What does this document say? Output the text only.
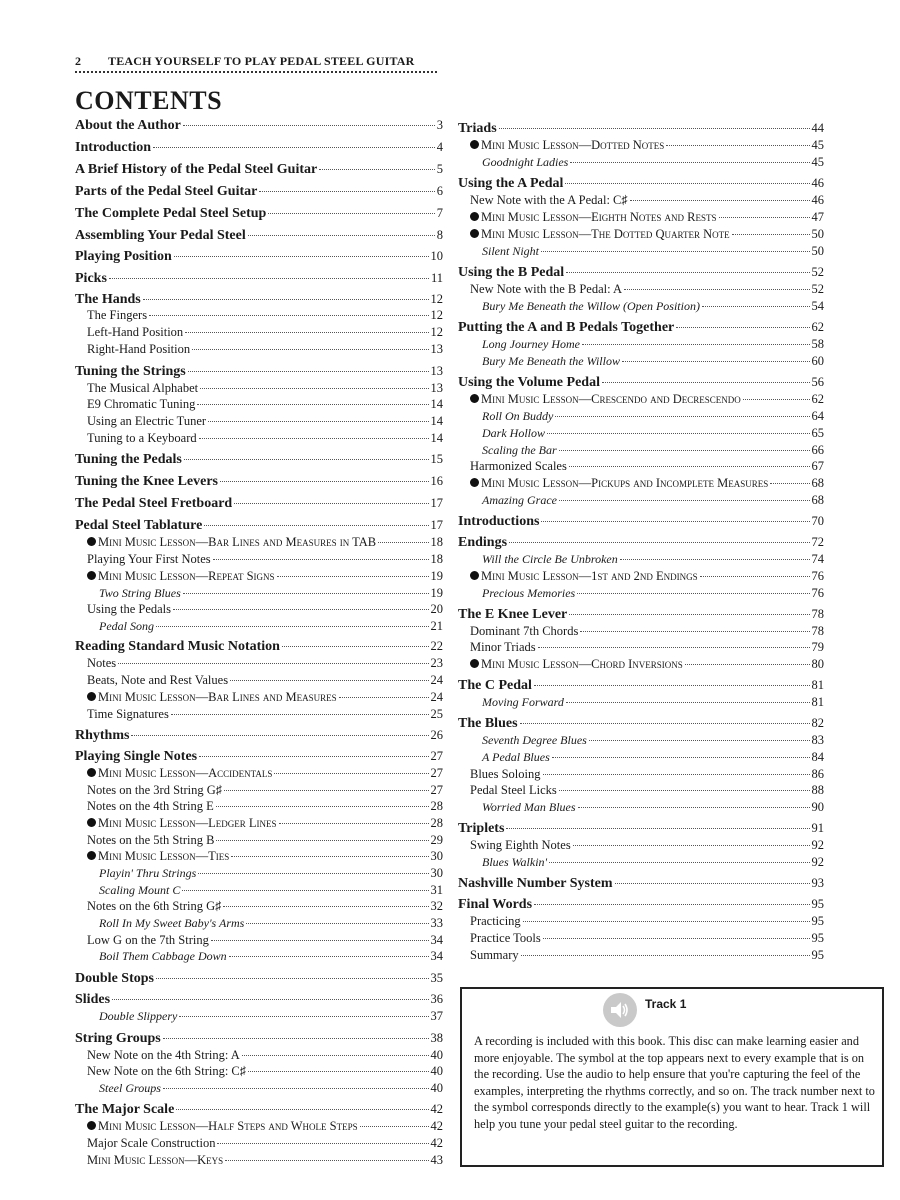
2 TEACH YOURSELF TO PLAY PEDAL STEEL GUITAR
CONTENTS
About the Author	3
Introduction	4
A Brief History of the Pedal Steel Guitar	5
Parts of the Pedal Steel Guitar	6
The Complete Pedal Steel Setup	7
Assembling Your Pedal Steel	8
Playing Position	10
Picks	11
The Hands	12
The Fingers	12
Left-Hand Position	12
Right-Hand Position	13
Tuning the Strings	13
The Musical Alphabet	13
E9 Chromatic Tuning	14
Using an Electric Tuner	14
Tuning to a Keyboard	14
Tuning the Pedals	15
Tuning the Knee Levers	16
The Pedal Steel Fretboard	17
Pedal Steel Tablature	17
Mini Music Lesson—Bar Lines and Measures in TAB	18
Playing Your First Notes	18
Mini Music Lesson—Repeat Signs	19
Two String Blues	19
Using the Pedals	20
Pedal Song	21
Reading Standard Music Notation	22
Notes	23
Beats, Note and Rest Values	24
Mini Music Lesson—Bar Lines and Measures	24
Time Signatures	25
Rhythms	26
Playing Single Notes	27
Mini Music Lesson—Accidentals	27
Notes on the 3rd String G♯	27
Notes on the 4th String E	28
Mini Music Lesson—Ledger Lines	28
Notes on the 5th String B	29
Mini Music Lesson—Ties	30
Playin' Thru Strings	30
Scaling Mount C	31
Notes on the 6th String G♯	32
Roll In My Sweet Baby's Arms	33
Low G on the 7th String	34
Boil Them Cabbage Down	34
Double Stops	35
Slides	36
Double Slippery	37
String Groups	38
New Note on the 4th String: A	40
New Note on the 6th String: C♯	40
Steel Groups	40
The Major Scale	42
Mini Music Lesson—Half Steps and Whole Steps	42
Major Scale Construction	42
Mini Music Lesson—Keys	43
Triads	44
Mini Music Lesson—Dotted Notes	45
Goodnight Ladies	45
Using the A Pedal	46
New Note with the A Pedal: C♯	46
Mini Music Lesson—Eighth Notes and Rests	47
Mini Music Lesson—The Dotted Quarter Note	50
Silent Night	50
Using the B Pedal	52
New Note with the B Pedal: A	52
Bury Me Beneath the Willow (Open Position)	54
Putting the A and B Pedals Together	62
Long Journey Home	58
Bury Me Beneath the Willow	60
Using the Volume Pedal	56
Mini Music Lesson—Crescendo and Decrescendo	62
Roll On Buddy	64
Dark Hollow	65
Scaling the Bar	66
Harmonized Scales	67
Mini Music Lesson—Pickups and Incomplete Measures	68
Amazing Grace	68
Introductions	70
Endings	72
Will the Circle Be Unbroken	74
Mini Music Lesson—1st and 2nd Endings	76
Precious Memories	76
The E Knee Lever	78
Dominant 7th Chords	78
Minor Triads	79
Mini Music Lesson—Chord Inversions	80
The C Pedal	81
Moving Forward	81
The Blues	82
Seventh Degree Blues	83
A Pedal Blues	84
Blues Soloing	86
Pedal Steel Licks	88
Worried Man Blues	90
Triplets	91
Swing Eighth Notes	92
Blues Walkin'	92
Nashville Number System	93
Final Words	95
Practicing	95
Practice Tools	95
Summary	95
Track 1
A recording is included with this book. This disc can make learning easier and more enjoyable. The symbol at the top appears next to every example that is on the recording. Use the audio to help ensure that you're capturing the feel of the examples, interpreting the rhythms correctly, and so on. The track number next to the symbol corresponds directly to the example(s) you want to hear. Track 1 will help you tune your pedal steel guitar to the recording.
